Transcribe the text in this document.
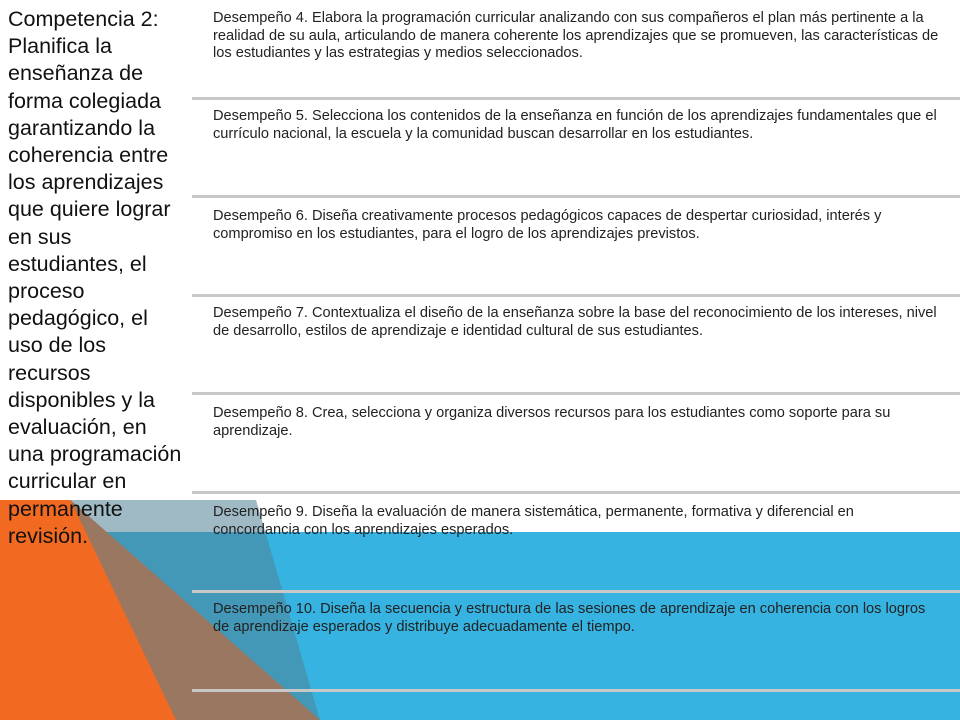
Competencia 2: Planifica la enseñanza de forma colegiada garantizando la coherencia entre los aprendizajes que quiere lograr en sus estudiantes, el proceso pedagógico, el uso de los recursos disponibles y la evaluación, en una programación curricular en permanente revisión.
Desempeño 4. Elabora la programación curricular analizando con sus compañeros el plan más pertinente a la realidad de su aula, articulando de manera coherente los aprendizajes que se promueven, las características de los estudiantes y las estrategias y medios seleccionados.
Desempeño 5. Selecciona los contenidos de la enseñanza en función de los aprendizajes fundamentales que el currículo nacional, la escuela y la comunidad buscan desarrollar en los estudiantes.
Desempeño 6. Diseña creativamente procesos pedagógicos capaces de despertar curiosidad, interés y compromiso en los estudiantes, para el logro de los aprendizajes previstos.
Desempeño 7. Contextualiza el diseño de la enseñanza sobre la base del reconocimiento de los intereses, nivel de desarrollo, estilos de aprendizaje e identidad cultural de sus estudiantes.
Desempeño 8. Crea, selecciona y organiza diversos recursos para los estudiantes como soporte para su aprendizaje.
Desempeño 9. Diseña la evaluación de manera sistemática, permanente, formativa y diferencial en concordancia con los aprendizajes esperados.
Desempeño 10. Diseña la secuencia y estructura de las sesiones de aprendizaje en coherencia con los logros de aprendizaje esperados y distribuye adecuadamente el tiempo.
